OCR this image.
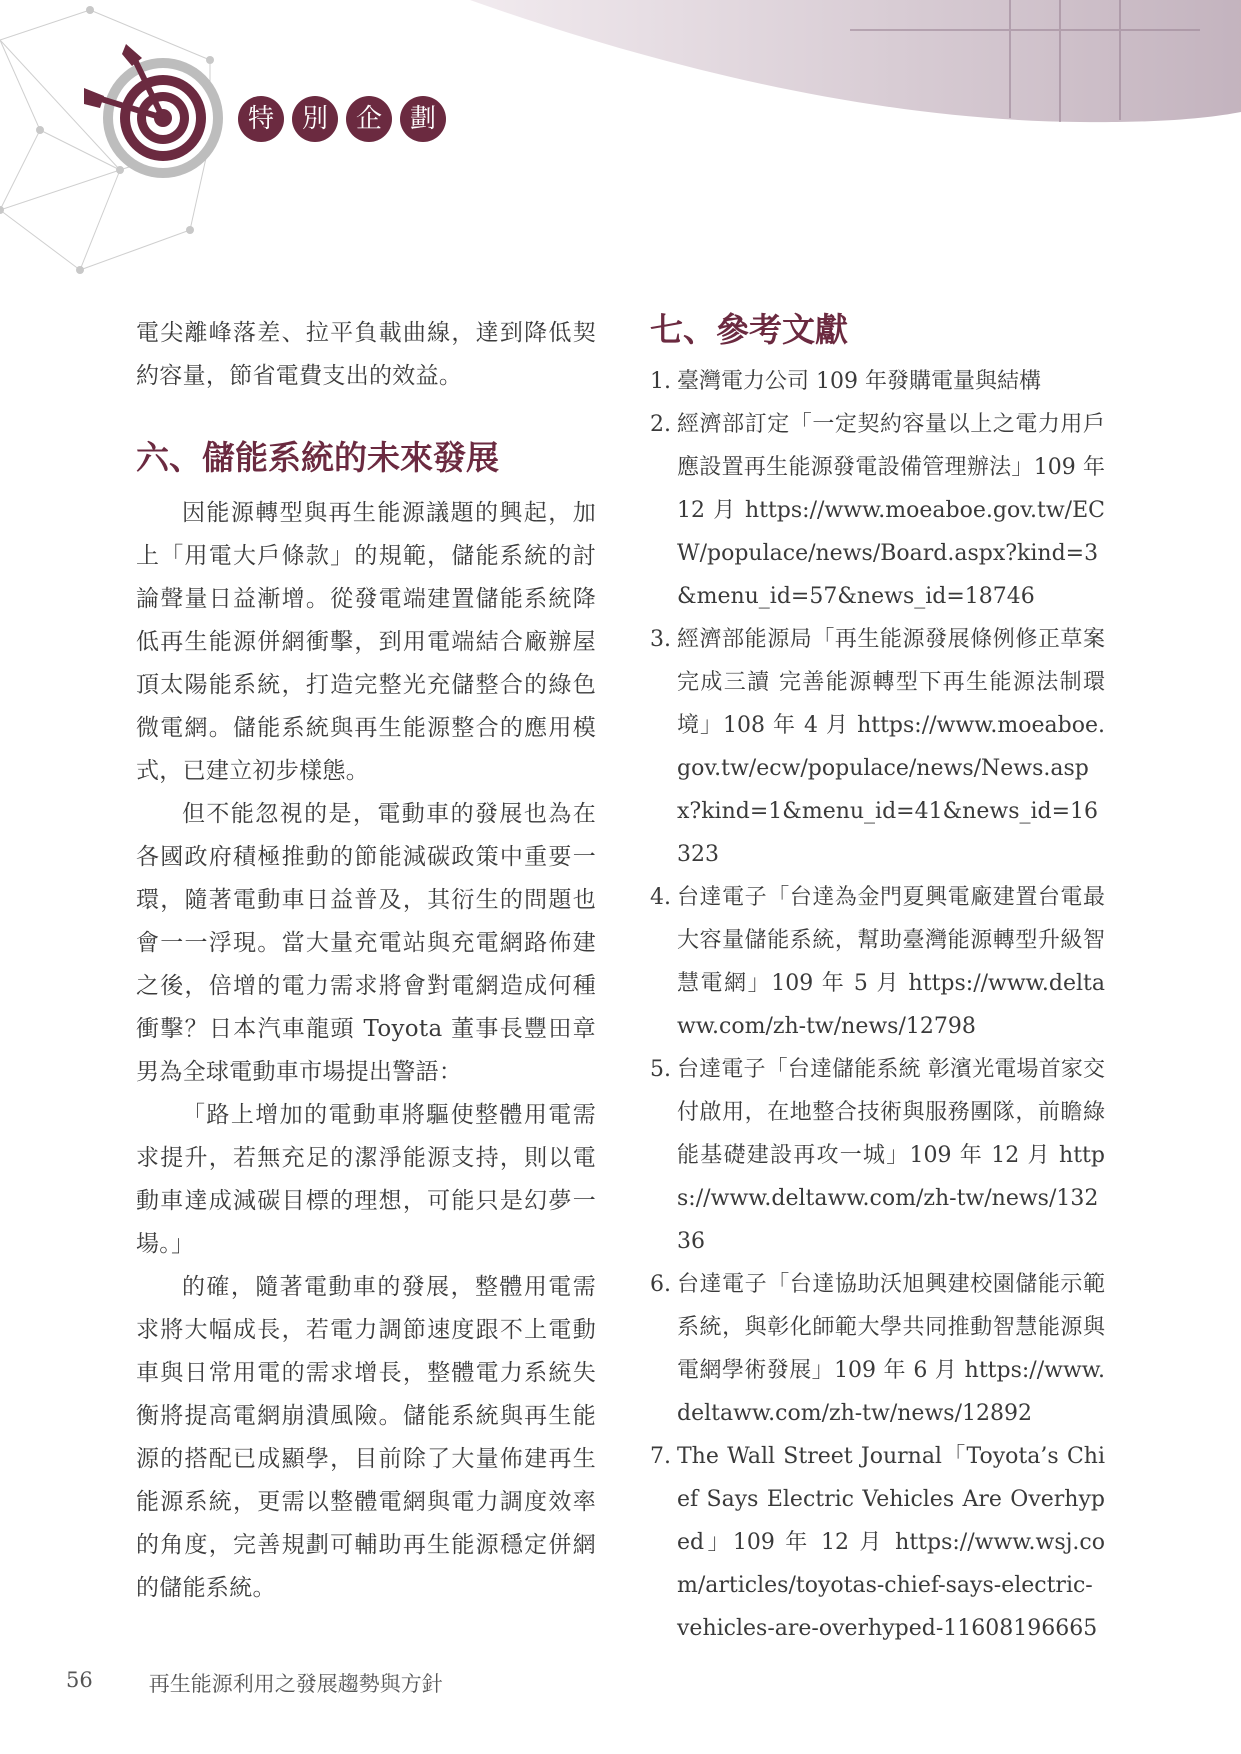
特	別	企	劃

電尖離峰落差、拉平負載曲線，達到降低契約容量，節省電費支出的效益。

六、儲能系統的未來發展

因能源轉型與再生能源議題的興起，加上「用電大戶條款」的規範，儲能系統的討論聲量日益漸增。從發電端建置儲能系統降低再生能源併網衝擊，到用電端結合廠辦屋頂太陽能系統，打造完整光充儲整合的綠色微電網。儲能系統與再生能源整合的應用模式，已建立初步樣態。

但不能忽視的是，電動車的發展也為在各國政府積極推動的節能減碳政策中重要一環，隨著電動車日益普及，其衍生的問題也會一一浮現。當大量充電站與充電網路佈建之後，倍增的電力需求將會對電網造成何種衝擊？日本汽車龍頭 Toyota 董事長豐田章男為全球電動車市場提出警語：

「路上增加的電動車將驅使整體用電需求提升，若無充足的潔淨能源支持，則以電動車達成減碳目標的理想，可能只是幻夢一場。」

的確，隨著電動車的發展，整體用電需求將大幅成長，若電力調節速度跟不上電動車與日常用電的需求增長，整體電力系統失衡將提高電網崩潰風險。儲能系統與再生能源的搭配已成顯學，目前除了大量佈建再生能源系統，更需以整體電網與電力調度效率的角度，完善規劃可輔助再生能源穩定併網的儲能系統。

七、參考文獻
1. 臺灣電力公司 109 年發購電量與結構
2. 經濟部訂定「一定契約容量以上之電力用戶應設置再生能源發電設備管理辦法」109 年 12 月 https://www.moeaboe.gov.tw/ECW/populace/news/Board.aspx?kind=3&menu_id=57&news_id=18746
3. 經濟部能源局「再生能源發展條例修正草案完成三讀 完善能源轉型下再生能源法制環境」108 年 4 月 https://www.moeaboe.gov.tw/ecw/populace/news/News.aspx?kind=1&menu_id=41&news_id=16323
4. 台達電子「台達為金門夏興電廠建置台電最大容量儲能系統，幫助臺灣能源轉型升級智慧電網」109 年 5 月 https://www.deltaww.com/zh-tw/news/12798
5. 台達電子「台達儲能系統 彰濱光電場首家交付啟用，在地整合技術與服務團隊，前瞻綠能基礎建設再攻一城」109 年 12 月 https://www.deltaww.com/zh-tw/news/13236
6. 台達電子「台達協助沃旭興建校園儲能示範系統，與彰化師範大學共同推動智慧能源與電網學術發展」109 年 6 月 https://www.deltaww.com/zh-tw/news/12892
7. The Wall Street Journal「Toyota’s Chief Says Electric Vehicles Are Overhyped」109 年 12 月 https://www.wsj.com/articles/toyotas-chief-says-electric-vehicles-are-overhyped-11608196665
56	再生能源利用之發展趨勢與方針
